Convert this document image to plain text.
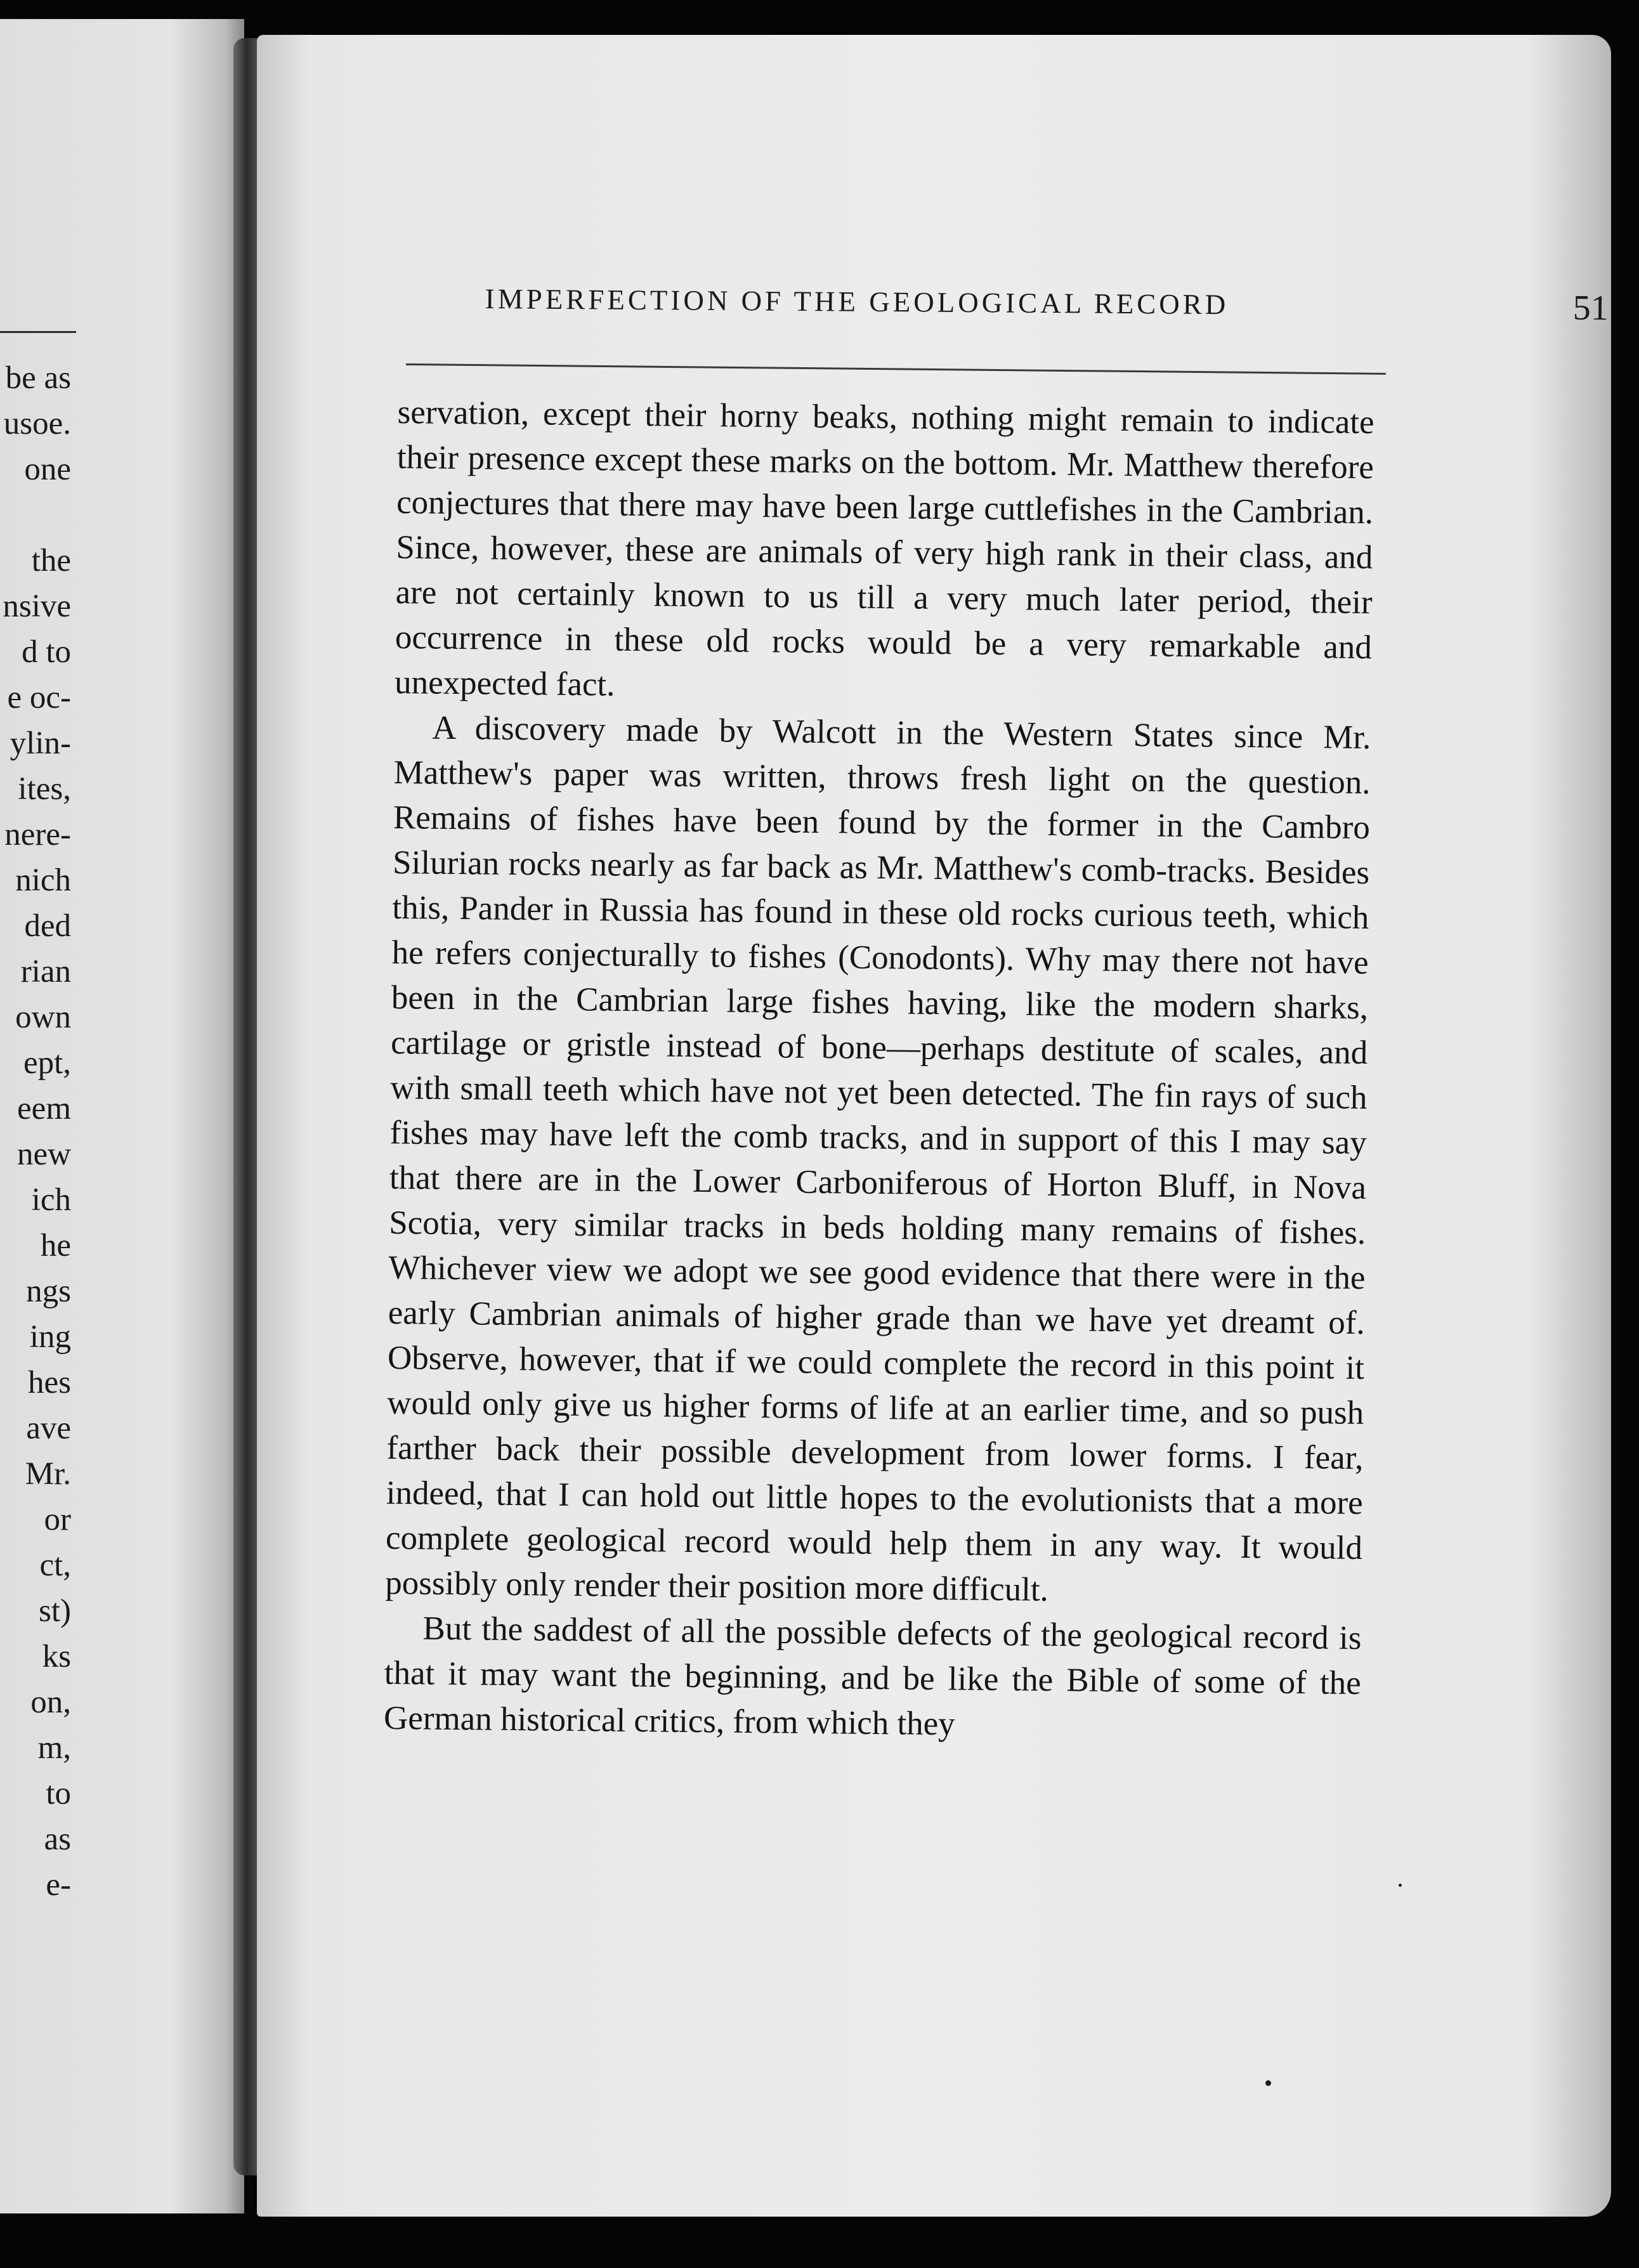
be as
usoe.
one
the
nsive
d to
e oc-
ylin-
ites,
nere-
nich
ded
rian
own
ept,
eem
new
ich
he
ngs
ing
hes
ave
Mr.
or
ct,
st)
ks
on,
m,
to
as
e-
IMPERFECTION OF THE GEOLOGICAL RECORD	51

servation, except their horny beaks, nothing might remain to indicate their presence except these marks on the bottom. Mr. Matthew therefore conjectures that there may have been large cuttlefishes in the Cambrian. Since, however, these are animals of very high rank in their class, and are not certainly known to us till a very much later period, their occurrence in these old rocks would be a very remarkable and unexpected fact.

A discovery made by Walcott in the Western States since Mr. Matthew's paper was written, throws fresh light on the question. Remains of fishes have been found by the former in the Cambro Silurian rocks nearly as far back as Mr. Matthew's comb-tracks. Besides this, Pander in Russia has found in these old rocks curious teeth, which he refers conjecturally to fishes (Conodonts). Why may there not have been in the Cambrian large fishes having, like the modern sharks, cartilage or gristle instead of bone—perhaps destitute of scales, and with small teeth which have not yet been detected. The fin rays of such fishes may have left the comb tracks, and in support of this I may say that there are in the Lower Carboniferous of Horton Bluff, in Nova Scotia, very similar tracks in beds holding many remains of fishes. Whichever view we adopt we see good evidence that there were in the early Cambrian animals of higher grade than we have yet dreamt of. Observe, however, that if we could complete the record in this point it would only give us higher forms of life at an earlier time, and so push farther back their possible development from lower forms. I fear, indeed, that I can hold out little hopes to the evolutionists that a more complete geological record would help them in any way. It would possibly only render their position more difficult.

But the saddest of all the possible defects of the geological record is that it may want the beginning, and be like the Bible of some of the German historical critics, from which they
